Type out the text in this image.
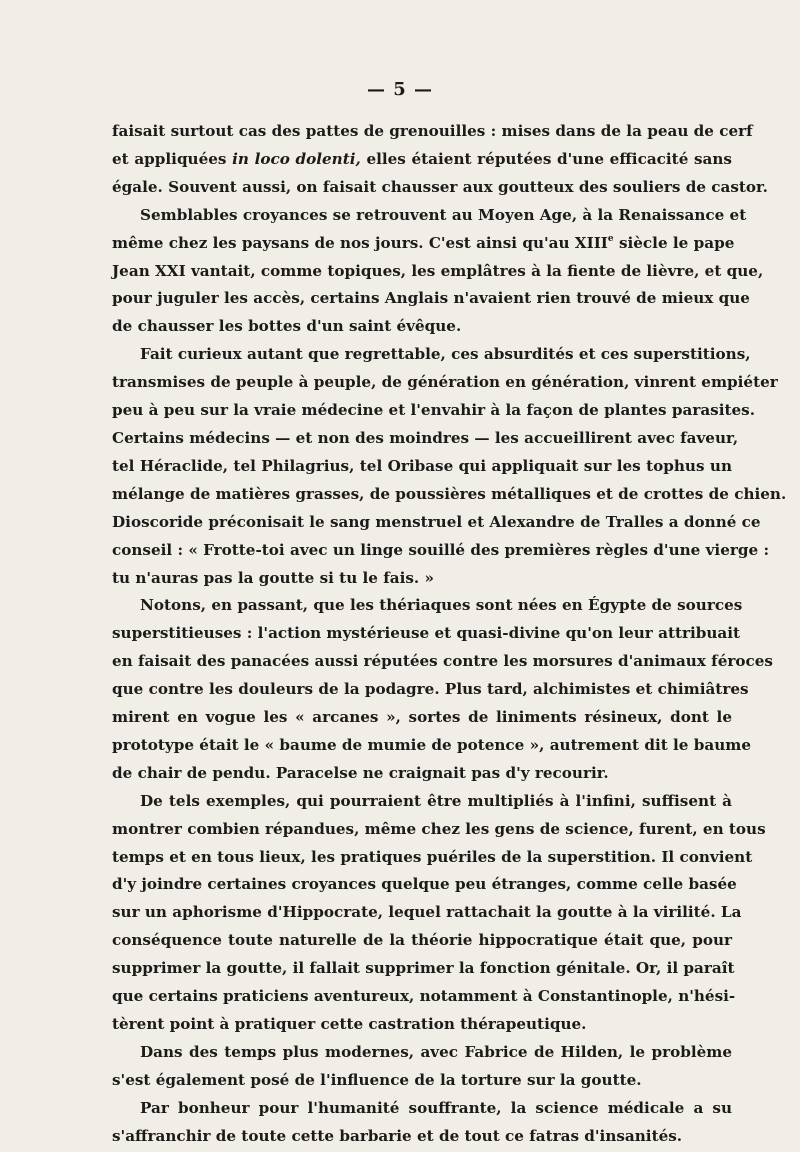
— 5 —
faisait surtout cas des pattes de grenouilles : mises dans de la peau de cerf
et appliquées in loco dolenti, elles étaient réputées d'une efficacité sans
égale. Souvent aussi, on faisait chausser aux goutteux des souliers de castor.
Semblables croyances se retrouvent au Moyen Age, à la Renaissance et
même chez les paysans de nos jours. C'est ainsi qu'au XIIIe siècle le pape
Jean XXI vantait, comme topiques, les emplâtres à la fiente de lièvre, et que,
pour juguler les accès, certains Anglais n'avaient rien trouvé de mieux que
de chausser les bottes d'un saint évêque.
Fait curieux autant que regrettable, ces absurdités et ces superstitions,
transmises de peuple à peuple, de génération en génération, vinrent empiéter
peu à peu sur la vraie médecine et l'envahir à la façon de plantes parasites.
Certains médecins — et non des moindres — les accueillirent avec faveur,
tel Héraclide, tel Philagrius, tel Oribase qui appliquait sur les tophus un
mélange de matières grasses, de poussières métalliques et de crottes de chien.
Dioscoride préconisait le sang menstruel et Alexandre de Tralles a donné ce
conseil : « Frotte-toi avec un linge souillé des premières règles d'une vierge :
tu n'auras pas la goutte si tu le fais. »
Notons, en passant, que les thériaques sont nées en Égypte de sources
superstitieuses : l'action mystérieuse et quasi-divine qu'on leur attribuait
en faisait des panacées aussi réputées contre les morsures d'animaux féroces
que contre les douleurs de la podagre. Plus tard, alchimistes et chimiâtres
mirent en vogue les « arcanes », sortes de liniments résineux, dont le
prototype était le « baume de mumie de potence », autrement dit le baume
de chair de pendu. Paracelse ne craignait pas d'y recourir.
De tels exemples, qui pourraient être multipliés à l'infini, suffisent à
montrer combien répandues, même chez les gens de science, furent, en tous
temps et en tous lieux, les pratiques puériles de la superstition. Il convient
d'y joindre certaines croyances quelque peu étranges, comme celle basée
sur un aphorisme d'Hippocrate, lequel rattachait la goutte à la virilité. La
conséquence toute naturelle de la théorie hippocratique était que, pour
supprimer la goutte, il fallait supprimer la fonction génitale. Or, il paraît
que certains praticiens aventureux, notamment à Constantinople, n'hési-
tèrent point à pratiquer cette castration thérapeutique.
Dans des temps plus modernes, avec Fabrice de Hilden, le problème
s'est également posé de l'influence de la torture sur la goutte.
Par bonheur pour l'humanité souffrante, la science médicale a su
s'affranchir de toute cette barbarie et de tout ce fatras d'insanités.
